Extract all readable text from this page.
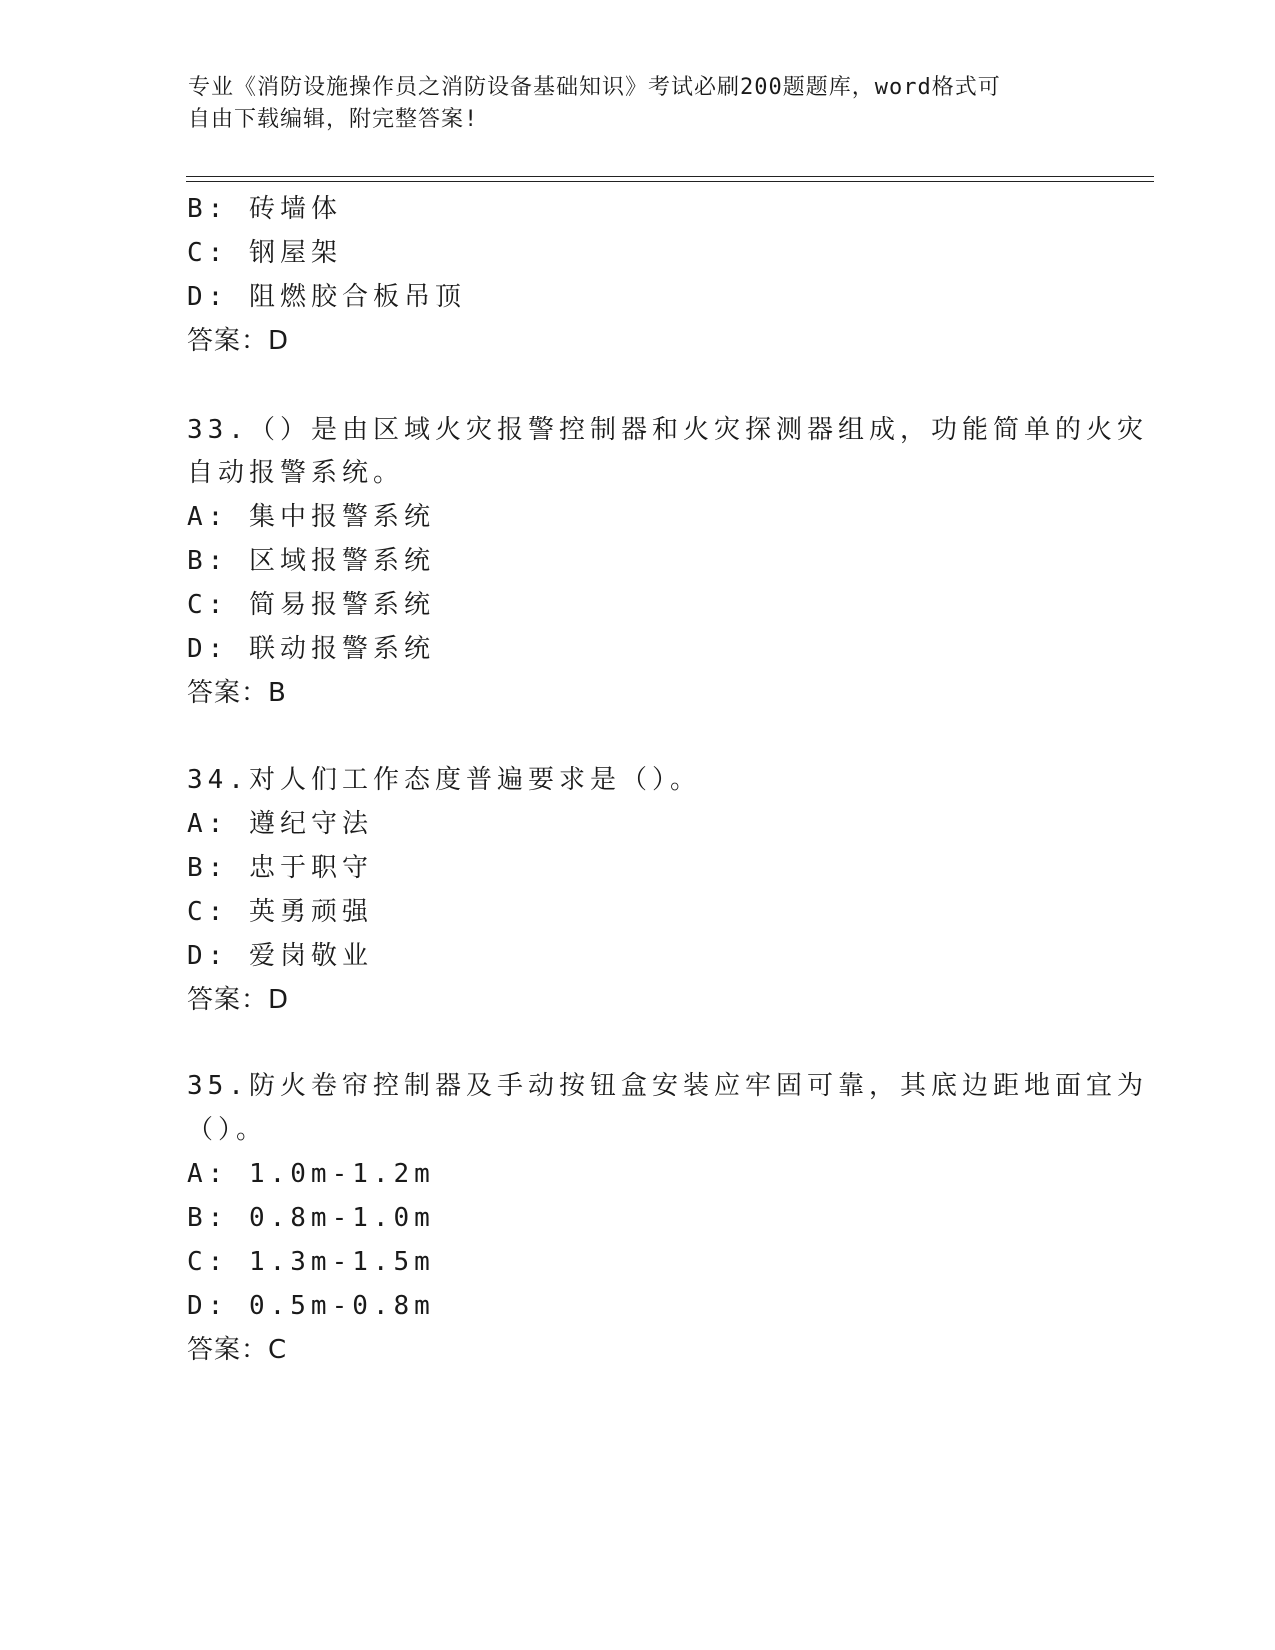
专业《消防设施操作员之消防设备基础知识》考试必刷200题题库，word格式可
自由下载编辑，附完整答案!
B: 砖墙体
C: 钢屋架
D: 阻燃胶合板吊顶
答案：D
33.（）是由区域火灾报警控制器和火灾探测器组成，功能简单的火灾
自动报警系统。
A: 集中报警系统
B: 区域报警系统
C: 简易报警系统
D: 联动报警系统
答案：B
34.对人们工作态度普遍要求是（）。
A: 遵纪守法
B: 忠于职守
C: 英勇顽强
D: 爱岗敬业
答案：D
35.防火卷帘控制器及手动按钮盒安装应牢固可靠，其底边距地面宜为
（）。
A: 1.0m-1.2m
B: 0.8m-1.0m
C: 1.3m-1.5m
D: 0.5m-0.8m
答案：C
